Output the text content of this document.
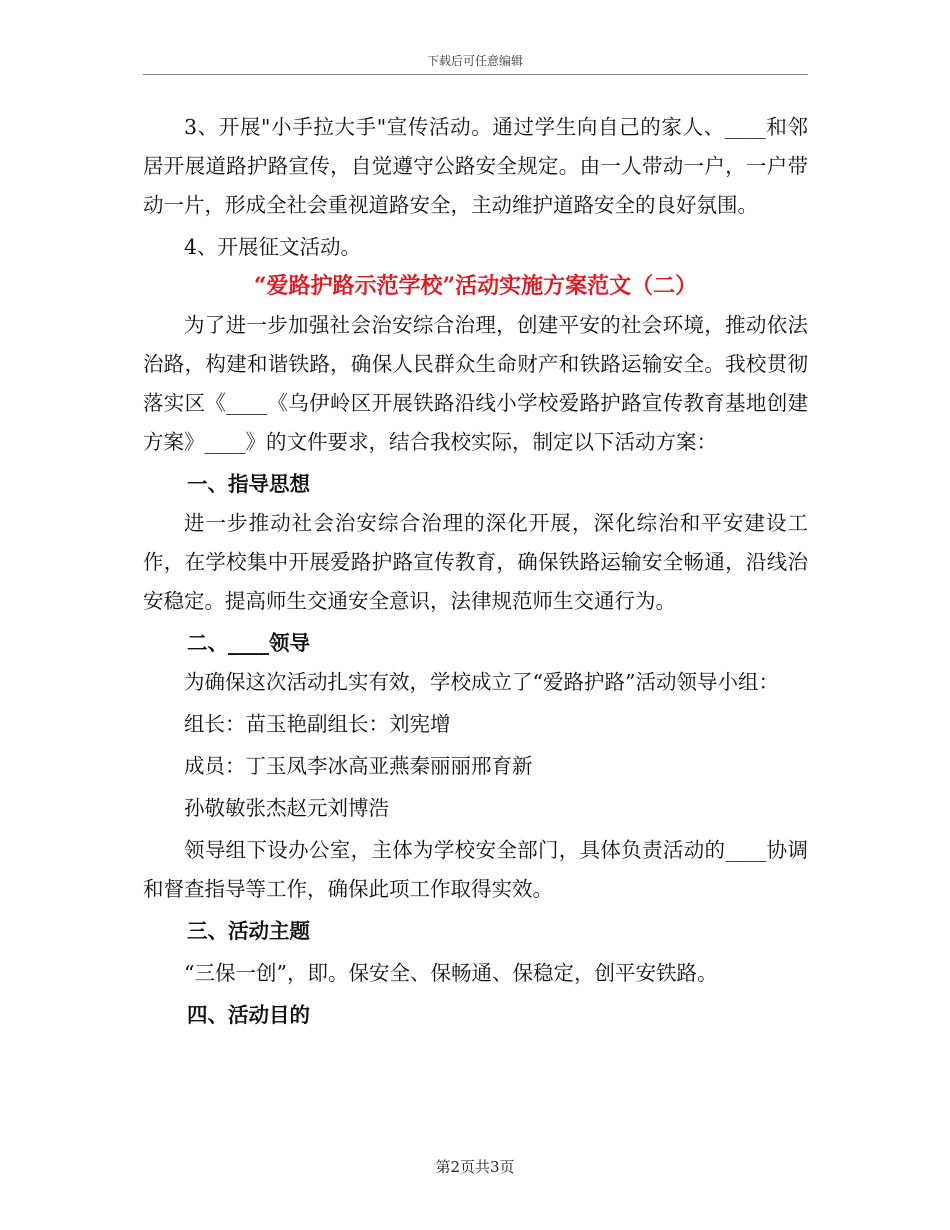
下载后可任意编辑

3、开展"小手拉大手"宣传活动。通过学生向自己的家人、____和邻居开展道路护路宣传，自觉遵守公路安全规定。由一人带动一户，一户带动一片，形成全社会重视道路安全，主动维护道路安全的良好氛围。

4、开展征文活动。

“爱路护路示范学校”活动实施方案范文（二）

为了进一步加强社会治安综合治理，创建平安的社会环境，推动依法治路，构建和谐铁路，确保人民群众生命财产和铁路运输安全。我校贯彻落实区《____《乌伊岭区开展铁路沿线小学校爱路护路宣传教育基地创建方案》____》的文件要求，结合我校实际，制定以下活动方案：

一、指导思想

进一步推动社会治安综合治理的深化开展，深化综治和平安建设工作，在学校集中开展爱路护路宣传教育，确保铁路运输安全畅通，沿线治安稳定。提高师生交通安全意识，法律规范师生交通行为。

二、____领导

为确保这次活动扎实有效，学校成立了“爱路护路”活动领导小组：

组长：苗玉艳副组长：刘宪增

成员：丁玉凤李冰高亚燕秦丽丽邢育新

孙敬敏张杰赵元刘博浩

领导组下设办公室，主体为学校安全部门，具体负责活动的____协调和督查指导等工作，确保此项工作取得实效。

三、活动主题

“三保一创”，即。保安全、保畅通、保稳定，创平安铁路。

四、活动目的

第2页共3页
